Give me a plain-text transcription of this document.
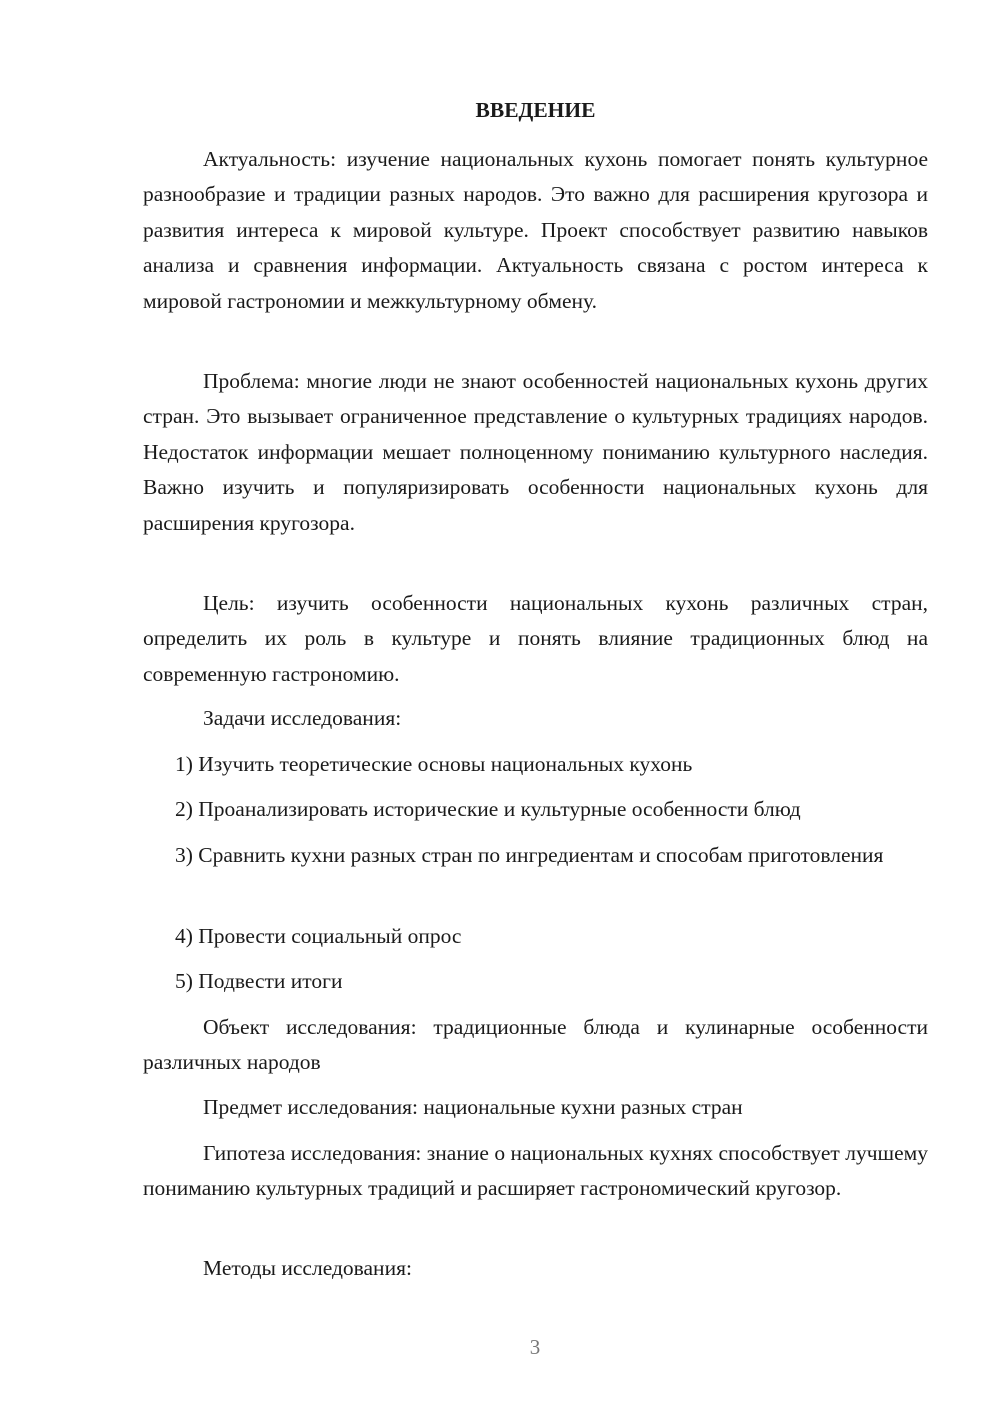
ВВЕДЕНИЕ

Актуальность: изучение национальных кухонь помогает понять культурное разнообразие и традиции разных народов. Это важно для расширения кругозора и развития интереса к мировой культуре. Проект способствует развитию навыков анализа и сравнения информации. Актуальность связана с ростом интереса к мировой гастрономии и межкультурному обмену.

Проблема: многие люди не знают особенностей национальных кухонь других стран. Это вызывает ограниченное представление о культурных традициях народов. Недостаток информации мешает полноценному пониманию культурного наследия. Важно изучить и популяризировать особенности национальных кухонь для расширения кругозора.

Цель: изучить особенности национальных кухонь различных стран, определить их роль в культуре и понять влияние традиционных блюд на современную гастрономию.

Задачи исследования:

1) Изучить теоретические основы национальных кухонь

2) Проанализировать исторические и культурные особенности блюд

3) Сравнить кухни разных стран по ингредиентам и способам приготовления

4) Провести социальный опрос

5) Подвести итоги

Объект исследования: традиционные блюда и кулинарные особенности различных народов

Предмет исследования: национальные кухни разных стран

Гипотеза исследования: знание о национальных кухнях способствует лучшему пониманию культурных традиций и расширяет гастрономический кругозор.

Методы исследования:

3
